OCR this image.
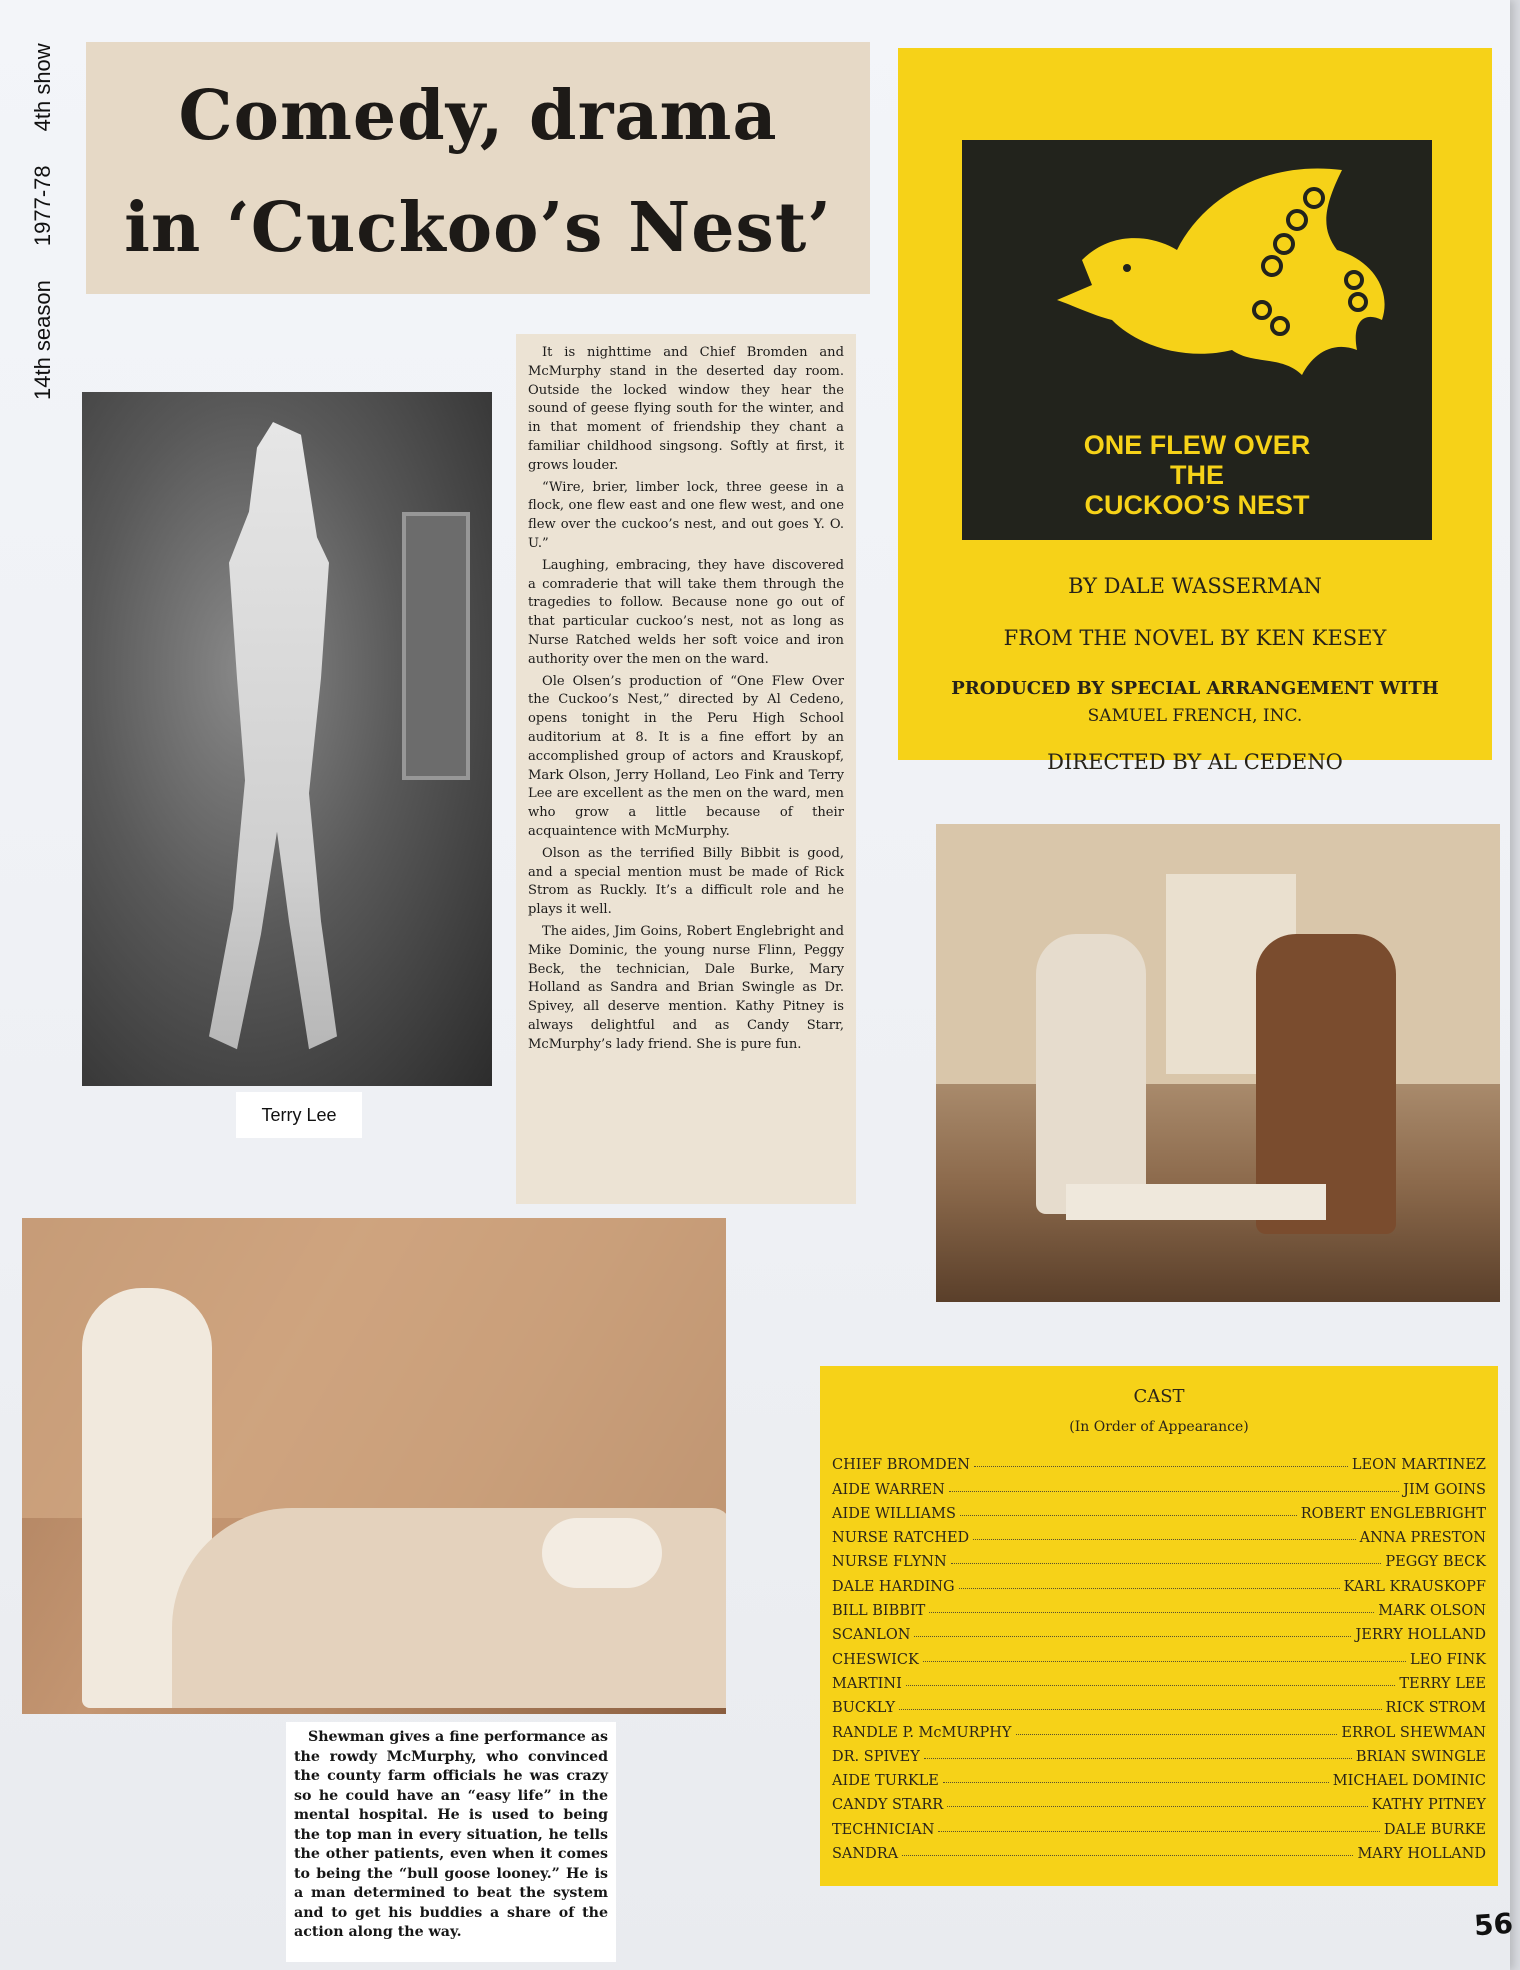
14th season
1977-78
4th show	Comedy, drama
in ‘Cuckoo’s Nest’
Terry Lee

It is nighttime and Chief Bromden and McMurphy stand in the deserted day room. Outside the locked window they hear the sound of geese flying south for the winter, and in that moment of friendship they chant a familiar childhood singsong. Softly at first, it grows louder.

“Wire, brier, limber lock, three geese in a flock, one flew east and one flew west, and one flew over the cuckoo’s nest, and out goes Y. O. U.”

Laughing, embracing, they have discovered a comraderie that will take them through the tragedies to follow. Because none go out of that particular cuckoo’s nest, not as long as Nurse Ratched welds her soft voice and iron authority over the men on the ward.

Ole Olsen’s production of “One Flew Over the Cuckoo’s Nest,” directed by Al Cedeno, opens tonight in the Peru High School auditorium at 8. It is a fine effort by an accomplished group of actors and Krauskopf, Mark Olson, Jerry Holland, Leo Fink and Terry Lee are excellent as the men on the ward, men who grow a little because of their acquaintence with McMurphy.

Olson as the terrified Billy Bibbit is good, and a special mention must be made of Rick Strom as Ruckly. It’s a difficult role and he plays it well.

The aides, Jim Goins, Robert Englebright and Mike Dominic, the young nurse Flinn, Peggy Beck, the technician, Dale Burke, Mary Holland as Sandra and Brian Swingle as Dr. Spivey, all deserve mention. Kathy Pitney is always delightful and as Candy Starr, McMurphy’s lady friend. She is pure fun.

ONE FLEW OVER
THE
CUCKOO’S NEST
BY DALE WASSERMAN
FROM THE NOVEL BY KEN KESEY
PRODUCED BY SPECIAL ARRANGEMENT WITH
SAMUEL FRENCH, INC.
DIRECTED BY AL CEDENO

Shewman gives a fine performance as the rowdy McMurphy, who convinced the county farm officials he was crazy so he could have an “easy life” in the mental hospital. He is used to being the top man in every situation, he tells the other patients, even when it comes to being the “bull goose looney.” He is a man determined to beat the system and to get his buddies a share of the action along the way.

CAST
(In Order of Appearance)
CHIEF BROMDEN	LEON MARTINEZ
AIDE WARREN	JIM GOINS
AIDE WILLIAMS	ROBERT ENGLEBRIGHT
NURSE RATCHED	ANNA PRESTON
NURSE FLYNN	PEGGY BECK
DALE HARDING	KARL KRAUSKOPF
BILL BIBBIT	MARK OLSON
SCANLON	JERRY HOLLAND
CHESWICK	LEO FINK
MARTINI	TERRY LEE
BUCKLY	RICK STROM
RANDLE P. McMURPHY	ERROL SHEWMAN
DR. SPIVEY	BRIAN SWINGLE
AIDE TURKLE	MICHAEL DOMINIC
CANDY STARR	KATHY PITNEY
TECHNICIAN	DALE BURKE
SANDRA	MARY HOLLAND
56
